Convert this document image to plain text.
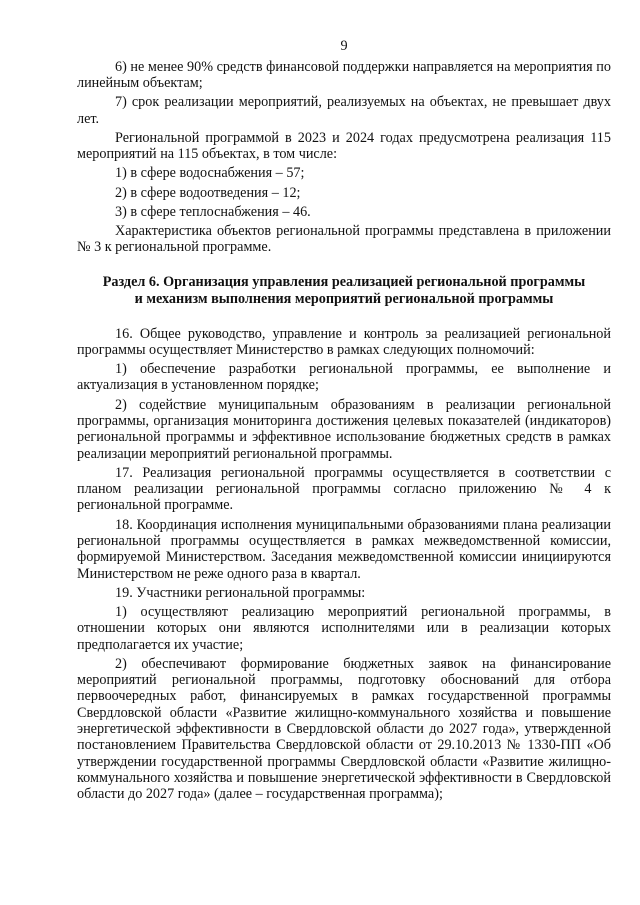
9

6) не менее 90% средств финансовой поддержки направляется на мероприятия по линейным объектам;

7) срок реализации мероприятий, реализуемых на объектах, не превышает двух лет.

Региональной программой в 2023 и 2024 годах предусмотрена реализация 115 мероприятий на 115 объектах, в том числе:

1) в сфере водоснабжения – 57;

2) в сфере водоотведения – 12;

3) в сфере теплоснабжения – 46.

Характеристика объектов региональной программы представлена в приложении № 3 к региональной программе.

Раздел 6. Организация управления реализацией региональной программы
и механизм выполнения мероприятий региональной программы

16. Общее руководство, управление и контроль за реализацией региональной программы осуществляет Министерство в рамках следующих полномочий:

1) обеспечение разработки региональной программы, ее выполнение и актуализация в установленном порядке;

2) содействие муниципальным образованиям в реализации региональной программы, организация мониторинга достижения целевых показателей (индикаторов) региональной программы и эффективное использование бюджетных средств в рамках реализации мероприятий региональной программы.

17. Реализация региональной программы осуществляется в соответствии с планом реализации региональной программы согласно приложению № 4 к региональной программе.

18. Координация исполнения муниципальными образованиями плана реализации региональной программы осуществляется в рамках межведомственной комиссии, формируемой Министерством. Заседания межведомственной комиссии инициируются Министерством не реже одного раза в квартал.

19. Участники региональной программы:

1) осуществляют реализацию мероприятий региональной программы, в отношении которых они являются исполнителями или в реализации которых предполагается их участие;

2) обеспечивают формирование бюджетных заявок на финансирование мероприятий региональной программы, подготовку обоснований для отбора первоочередных работ, финансируемых в рамках государственной программы Свердловской области «Развитие жилищно-коммунального хозяйства и повышение энергетической эффективности в Свердловской области до 2027 года», утвержденной постановлением Правительства Свердловской области от 29.10.2013 № 1330-ПП «Об утверждении государственной программы Свердловской области «Развитие жилищно-коммунального хозяйства и повышение энергетической эффективности в Свердловской области до 2027 года» (далее – государственная программа);
